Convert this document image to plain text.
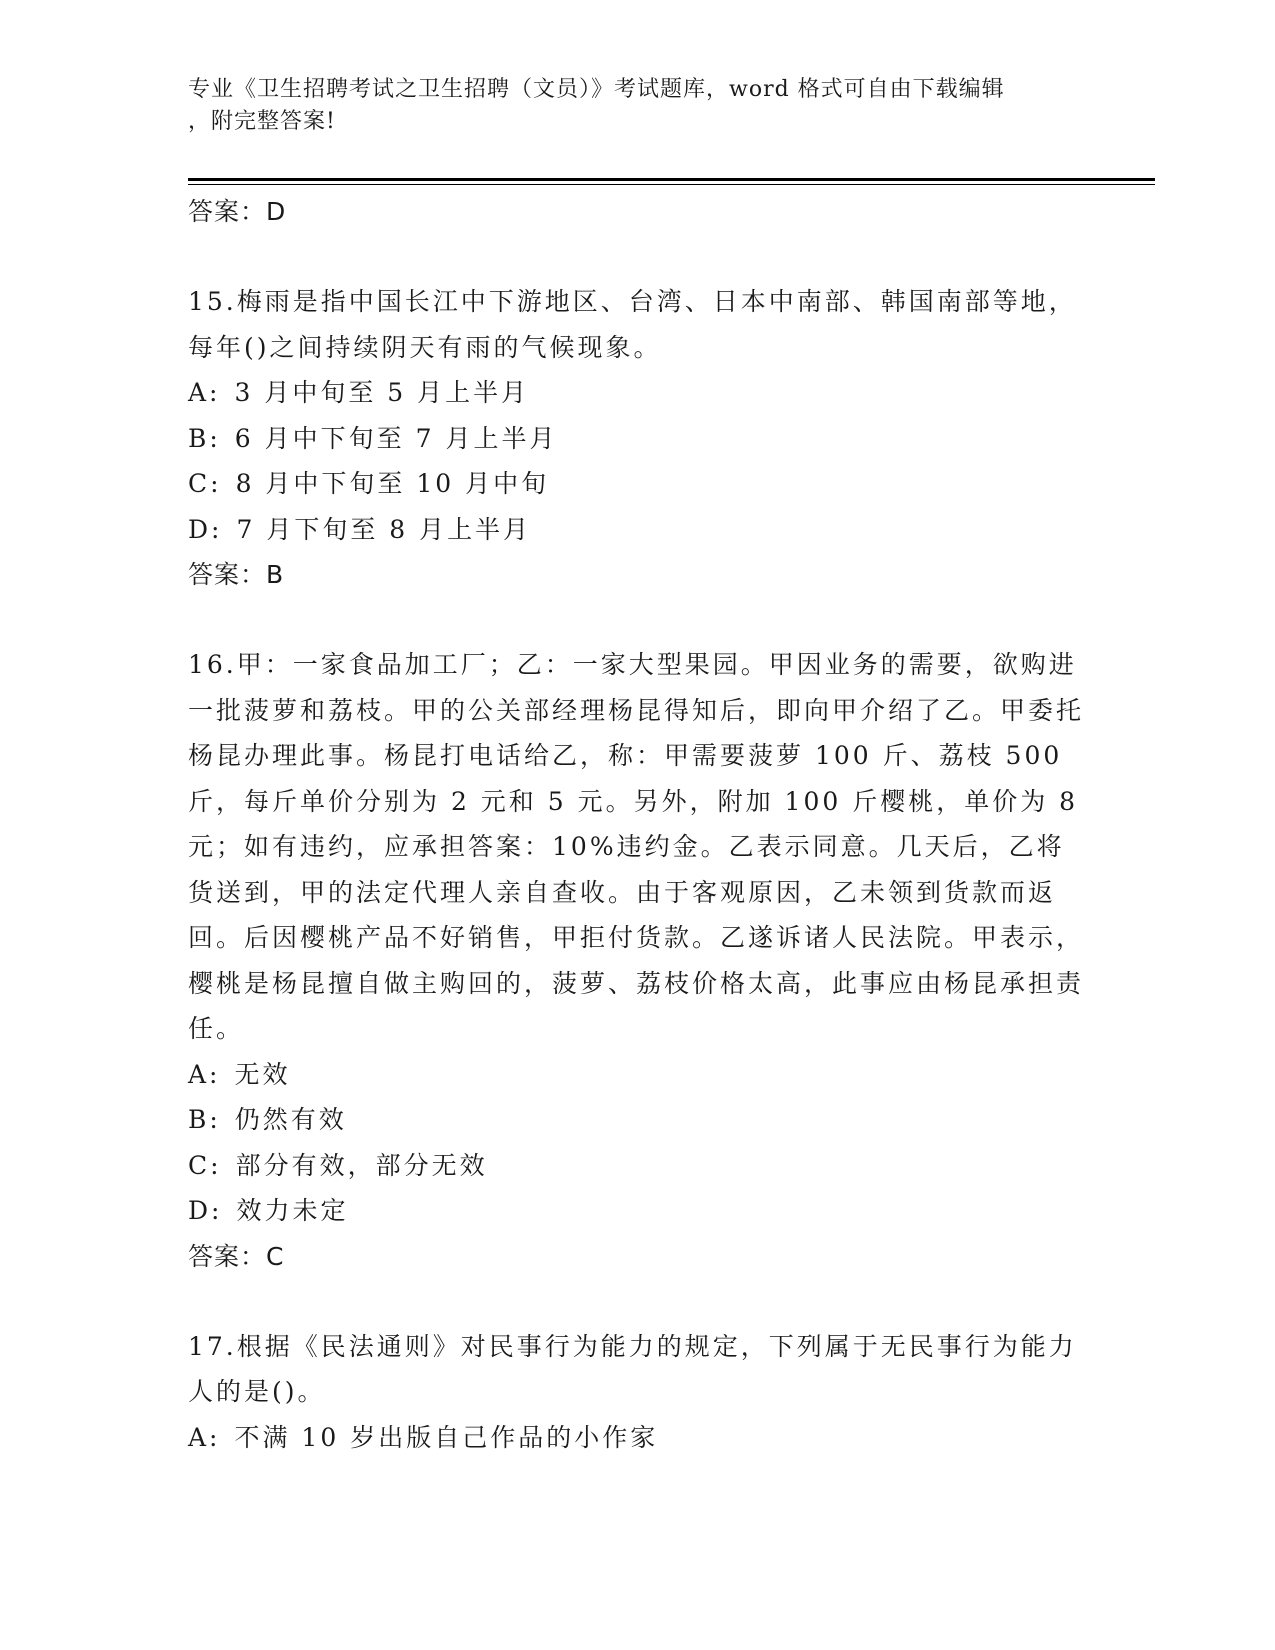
专业《卫生招聘考试之卫生招聘（文员）》考试题库，word 格式可自由下载编辑
，附完整答案!

答案：D

15.梅雨是指中国长江中下游地区、台湾、日本中南部、韩国南部等地，每年()之间持续阴天有雨的气候现象。

A: 3 月中旬至 5 月上半月

B: 6 月中下旬至 7 月上半月

C: 8 月中下旬至 10 月中旬

D: 7 月下旬至 8 月上半月

答案：B

16.甲：一家食品加工厂；乙：一家大型果园。甲因业务的需要，欲购进一批菠萝和荔枝。甲的公关部经理杨昆得知后，即向甲介绍了乙。甲委托杨昆办理此事。杨昆打电话给乙，称：甲需要菠萝 100 斤、荔枝 500 斤，每斤单价分别为 2 元和 5 元。另外，附加 100 斤樱桃，单价为 8 元；如有违约，应承担答案：10%违约金。乙表示同意。几天后，乙将货送到，甲的法定代理人亲自查收。由于客观原因，乙未领到货款而返回。后因樱桃产品不好销售，甲拒付货款。乙遂诉诸人民法院。甲表示，樱桃是杨昆擅自做主购回的，菠萝、荔枝价格太高，此事应由杨昆承担责任。

A: 无效

B: 仍然有效

C: 部分有效，部分无效

D: 效力未定

答案：C

17.根据《民法通则》对民事行为能力的规定，下列属于无民事行为能力人的是()。

A: 不满 10 岁出版自己作品的小作家
